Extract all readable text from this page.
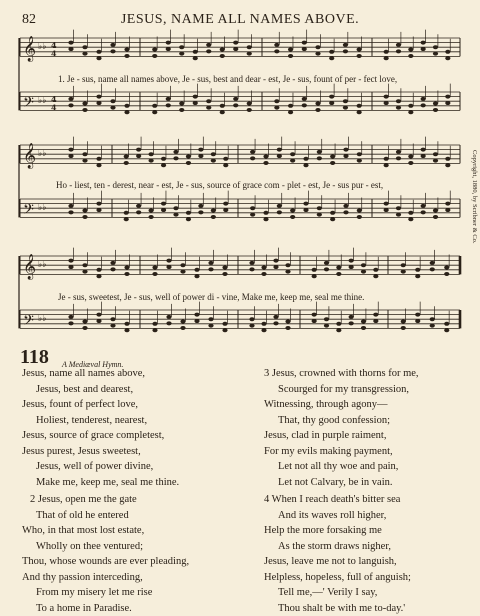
82	JESUS, NAME ALL NAMES ABOVE.
𝄞 ♭♭ 4
4
𝄢 ♭♭ 4
4
𝄞 ♭♭
𝄢 ♭♭
𝄞 ♭♭
𝄢 ♭♭
1. Je - sus, name all names above, Je - sus, best and dear - est, Je - sus, fount of per - fect love,
Ho - liest, ten - derest, near - est, Je - sus, source of grace com - plet - est, Je - sus pur - est,
Je - sus, sweetest, Je - sus, well of power di - vine, Make me, keep me, seal me thine.
Copyright, 1880, by Scribner & Co.
118 A Mediæval Hymn.
Jesus, name all names above,
Jesus, best and dearest,
Jesus, fount of perfect love,
Holiest, tenderest, nearest,
Jesus, source of grace completest,
Jesus purest, Jesus sweetest,
Jesus, well of power divine,
Make me, keep me, seal me thine.
2 Jesus, open me the gate
That of old he entered
Who, in that most lost estate,
Wholly on thee ventured;
Thou, whose wounds are ever pleading,
And thy passion interceding,
From my misery let me rise
To a home in Paradise.
3 Jesus, crowned with thorns for me,
Scourged for my transgression,
Witnessing, through agony—
That, thy good confession;
Jesus, clad in purple raiment,
For my evils making payment,
Let not all thy woe and pain,
Let not Calvary, be in vain.
4 When I reach death's bitter sea
And its waves roll higher,
Help the more forsaking me
As the storm draws nigher,
Jesus, leave me not to languish,
Helpless, hopeless, full of anguish;
Tell me,—' Verily I say,
Thou shalt be with me to-day.'
